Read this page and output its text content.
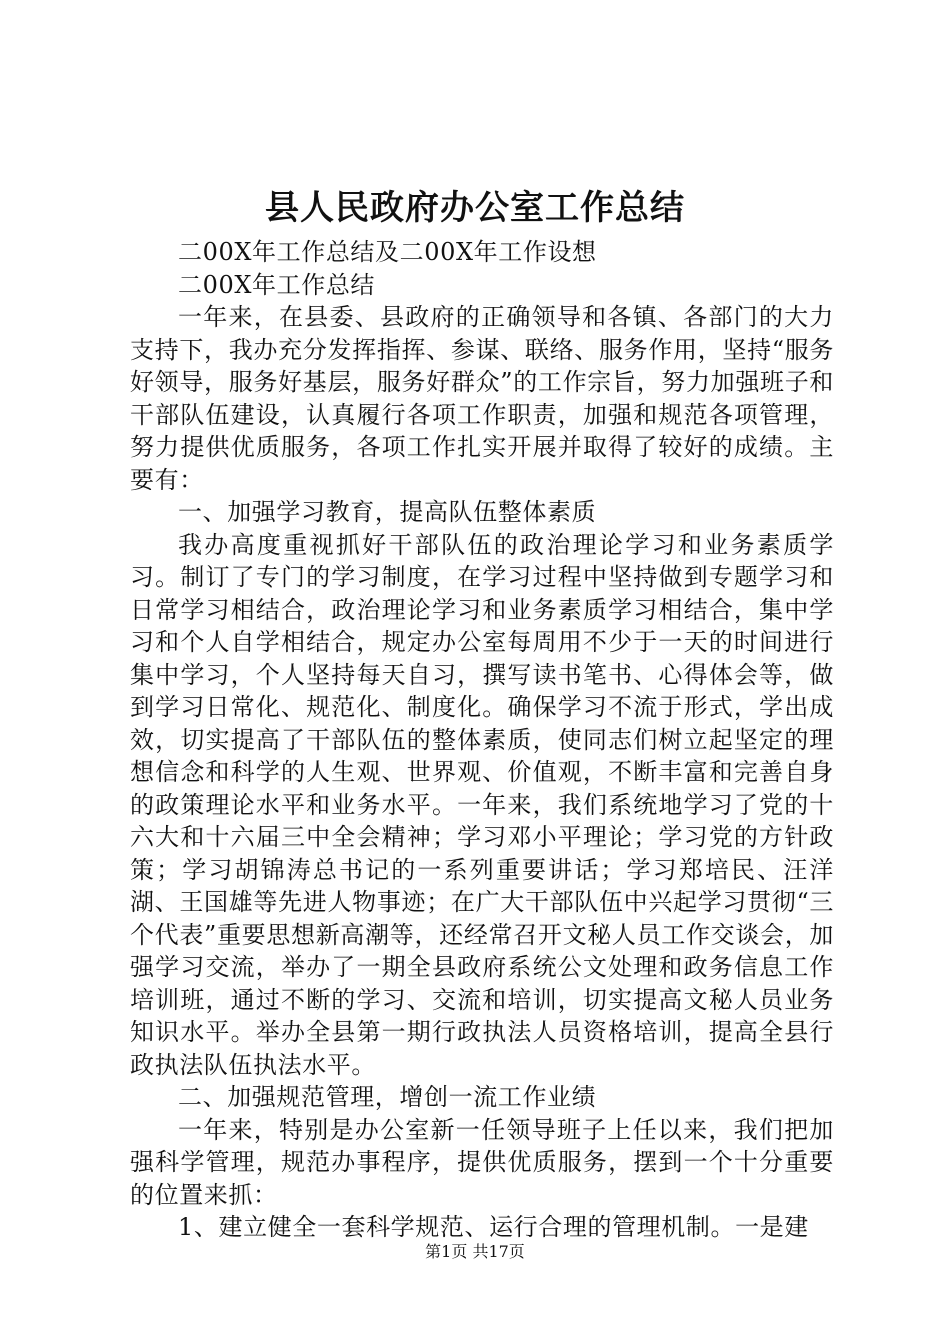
县人民政府办公室工作总结

二00X年工作总结及二00X年工作设想

二00X年工作总结

一年来，在县委、县政府的正确领导和各镇、各部门的大力支持下，我办充分发挥指挥、参谋、联络、服务作用，坚持“服务好领导，服务好基层，服务好群众”的工作宗旨，努力加强班子和干部队伍建设，认真履行各项工作职责，加强和规范各项管理，努力提供优质服务，各项工作扎实开展并取得了较好的成绩。主要有：

一、加强学习教育，提高队伍整体素质

我办高度重视抓好干部队伍的政治理论学习和业务素质学习。制订了专门的学习制度，在学习过程中坚持做到专题学习和日常学习相结合，政治理论学习和业务素质学习相结合，集中学习和个人自学相结合，规定办公室每周用不少于一天的时间进行集中学习，个人坚持每天自习，撰写读书笔书、心得体会等，做到学习日常化、规范化、制度化。确保学习不流于形式，学出成效，切实提高了干部队伍的整体素质，使同志们树立起坚定的理想信念和科学的人生观、世界观、价值观，不断丰富和完善自身的政策理论水平和业务水平。一年来，我们系统地学习了党的十六大和十六届三中全会精神；学习邓小平理论；学习党的方针政策；学习胡锦涛总书记的一系列重要讲话；学习郑培民、汪洋湖、王国雄等先进人物事迹；在广大干部队伍中兴起学习贯彻“三个代表”重要思想新高潮等，还经常召开文秘人员工作交谈会，加强学习交流，举办了一期全县政府系统公文处理和政务信息工作培训班，通过不断的学习、交流和培训，切实提高文秘人员业务知识水平。举办全县第一期行政执法人员资格培训，提高全县行政执法队伍执法水平。

二、加强规范管理，增创一流工作业绩

一年来，特别是办公室新一任领导班子上任以来，我们把加强科学管理，规范办事程序，提供优质服务，摆到一个十分重要的位置来抓：

1、建立健全一套科学规范、运行合理的管理机制。一是建

第1页 共17页
